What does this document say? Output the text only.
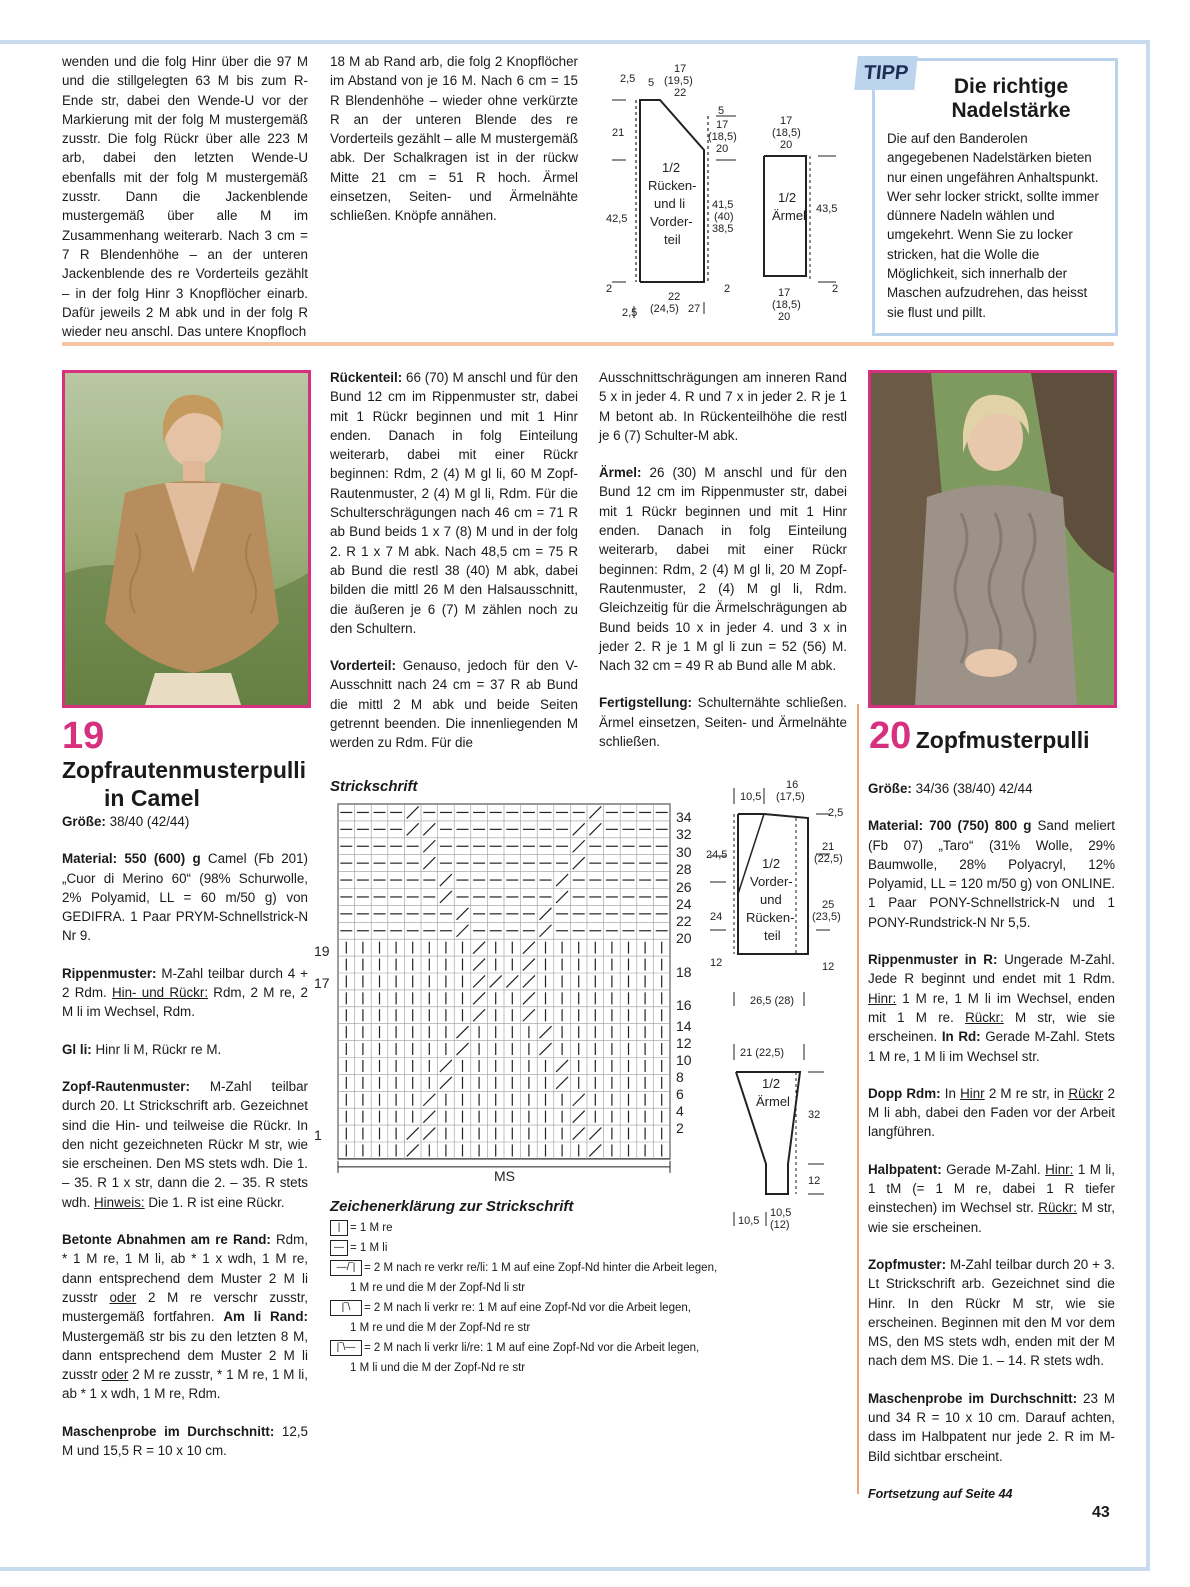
wenden und die folg Hinr über die 97 M und die stillgelegten 63 M bis zum R-Ende str, dabei den Wende-U vor der Markierung mit der folg M mustergemäß zusstr. Die folg Rückr über alle 223 M arb, dabei den letzten Wende-U ebenfalls mit der folg M mustergemäß zusstr. Dann die Jackenblende mustergemäß über alle M im Zusammenhang weiterarb. Nach 3 cm = 7 R Blendenhöhe – an der unteren Jackenblende des re Vorderteils gezählt – in der folg Hinr 3 Knopflöcher einarb. Dafür jeweils 2 M abk und in der folg R wieder neu anschl. Das untere Knopfloch
18 M ab Rand arb, die folg 2 Knopflöcher im Abstand von je 16 M. Nach 6 cm = 15 R Blendenhöhe – wieder ohne verkürzte R an der unteren Blende des re Vorderteils gezählt – alle M mustergemäß abk. Der Schalkragen ist in der rückw Mitte 21 cm = 51 R hoch. Ärmel einsetzen, Seiten- und Ärmelnähte schließen. Knöpfe annähen.
2,5 5
17
(19,5)
22
5
17
(18,5)
20
21
42,5
1/2
Rücken-
und li
Vorder-
teil
41,5
(40)
38,5
2
22
(24,5) 27
2,5
2
17
(18,5)
20
1/2
Ärmel 43,5
17
(18,5)
20
2
Die richtige
Nadelstärke
Die auf den Banderolen angegebenen Nadelstärken bieten nur einen ungefähren Anhaltspunkt. Wer sehr locker strickt, sollte immer dünnere Nadeln wählen und umgekehrt. Wenn Sie zu locker stricken, hat die Wolle die Möglichkeit, sich innerhalb der Maschen aufzudrehen, das heisst sie flust und pillt.
TIPP
19 Zopfrautenmusterpulli
in Camel

Größe: 38/40 (42/44)

Material: 550 (600) g Camel (Fb 201) „Cuor di Merino 60“ (98% Schurwolle, 2% Polyamid, LL = 60 m/50 g) von GEDIFRA. 1 Paar PRYM-Schnellstrick-N Nr 9.

Rippenmuster: M-Zahl teilbar durch 4 + 2 Rdm. Hin- und Rückr: Rdm, 2 M re, 2 M li im Wechsel, Rdm.

Gl li: Hinr li M, Rückr re M.

Zopf-Rautenmuster: M-Zahl teilbar durch 20. Lt Strickschrift arb. Gezeichnet sind die Hin- und teilweise die Rückr. In den nicht gezeichneten Rückr M str, wie sie erscheinen. Den MS stets wdh. Die 1. – 35. R 1 x str, dann die 2. – 35. R stets wdh. Hinweis: Die 1. R ist eine Rückr.

Betonte Abnahmen am re Rand: Rdm, * 1 M re, 1 M li, ab * 1 x wdh, 1 M re, dann entsprechend dem Muster 2 M li zusstr oder 2 M re verschr zusstr, mustergemäß fortfahren. Am li Rand: Mustergemäß str bis zu den letzten 8 M, dann entsprechend dem Muster 2 M li zusstr oder 2 M re zusstr, * 1 M re, 1 M li, ab * 1 x wdh, 1 M re, Rdm.

Maschenprobe im Durchschnitt: 12,5 M und 15,5 R = 10 x 10 cm.

Rückenteil: 66 (70) M anschl und für den Bund 12 cm im Rippenmuster str, dabei mit 1 Rückr beginnen und mit 1 Hinr enden. Danach in folg Einteilung weiterarb, dabei mit einer Rückr beginnen: Rdm, 2 (4) M gl li, 60 M Zopf-Rautenmuster, 2 (4) M gl li, Rdm. Für die Schulterschrägungen nach 46 cm = 71 R ab Bund beids 1 x 7 (8) M und in der folg 2. R 1 x 7 M abk. Nach 48,5 cm = 75 R ab Bund die restl 38 (40) M abk, dabei bilden die mittl 26 M den Halsausschnitt, die äußeren je 6 (7) M zählen noch zu den Schultern.

Vorderteil: Genauso, jedoch für den V-Ausschnitt nach 24 cm = 37 R ab Bund die mittl 2 M abk und beide Seiten getrennt beenden. Die innenliegenden M werden zu Rdm. Für die

Ausschnittschrägungen am inneren Rand 5 x in jeder 4. R und 7 x in jeder 2. R je 1 M betont ab. In Rückenteilhöhe die restl je 6 (7) Schulter-M abk.

Ärmel: 26 (30) M anschl und für den Bund 12 cm im Rippenmuster str, dabei mit 1 Rückr beginnen und mit 1 Hinr enden. Danach in folg Einteilung weiterarb, dabei mit einer Rückr beginnen: Rdm, 2 (4) M gl li, 20 M Zopf-Rautenmuster, 2 (4) M gl li, Rdm. Gleichzeitig für die Ärmelschrägungen ab Bund beids 10 x in jeder 4. und 3 x in jeder 2. R je 1 M gl li zun = 52 (56) M. Nach 32 cm = 49 R ab Bund alle M abk.

Fertigstellung: Schulternähte schließen. Ärmel einsetzen, Seiten- und Ärmelnähte schließen.	20 Zopfmusterpulli

Größe: 34/36 (38/40) 42/44

Material: 700 (750) 800 g Sand meliert (Fb 07) „Taro“ (31% Wolle, 29% Baumwolle, 28% Polyacryl, 12% Polyamid, LL = 120 m/50 g) von ONLINE. 1 Paar PONY-Schnellstrick-N und 1 PONY-Rundstrick-N Nr 5,5.

Rippenmuster in R: Ungerade M-Zahl. Jede R beginnt und endet mit 1 Rdm. Hinr: 1 M re, 1 M li im Wechsel, enden mit 1 M re. Rückr: M str, wie sie erscheinen. In Rd: Gerade M-Zahl. Stets 1 M re, 1 M li im Wechsel str.

Dopp Rdm: In Hinr 2 M re str, in Rückr 2 M li abh, dabei den Faden vor der Arbeit langführen.

Halbpatent: Gerade M-Zahl. Hinr: 1 M li, 1 tM (= 1 M re, dabei 1 R tiefer einstechen) im Wechsel str. Rückr: M str, wie sie erscheinen.

Zopfmuster: M-Zahl teilbar durch 20 + 3. Lt Strickschrift arb. Gezeichnet sind die Hinr. In den Rückr M str, wie sie erscheinen. Beginnen mit den M vor dem MS, den MS stets wdh, enden mit der M nach dem MS. Die 1. – 14. R stets wdh.

Maschenprobe im Durchschnitt: 23 M und 34 R = 10 x 10 cm. Darauf achten, dass im Halbpatent nur jede 2. R im M-Bild sichtbar erscheint.

Fortsetzung auf Seite 44

Strickschrift
34
32
30
28
26
24
22
20
18
16
14
12
10
8
6
4
2
19
17
1
MS
Zeichenerklärung zur Strickschrift
| = 1 M re
— = 1 M li
—/‾| = 2 M nach re verkr re/li: 1 M auf eine Zopf-Nd hinter die Arbeit legen,
1 M re und die M der Zopf-Nd li str
|‾\ = 2 M nach li verkr re: 1 M auf eine Zopf-Nd vor die Arbeit legen,
1 M re und die M der Zopf-Nd re str
|‾\— = 2 M nach li verkr li/re: 1 M auf eine Zopf-Nd vor die Arbeit legen,
1 M li und die M der Zopf-Nd re str
10,5
16
(17,5)
2,5
24,5
24
12
21
(22,5)
25
(23,5)
12
1/2
Vorder-
und
Rücken-
teil
26,5 (28)
21 (22,5)
1/2
Ärmel
32
12
10,5
10,5
(12)
43
